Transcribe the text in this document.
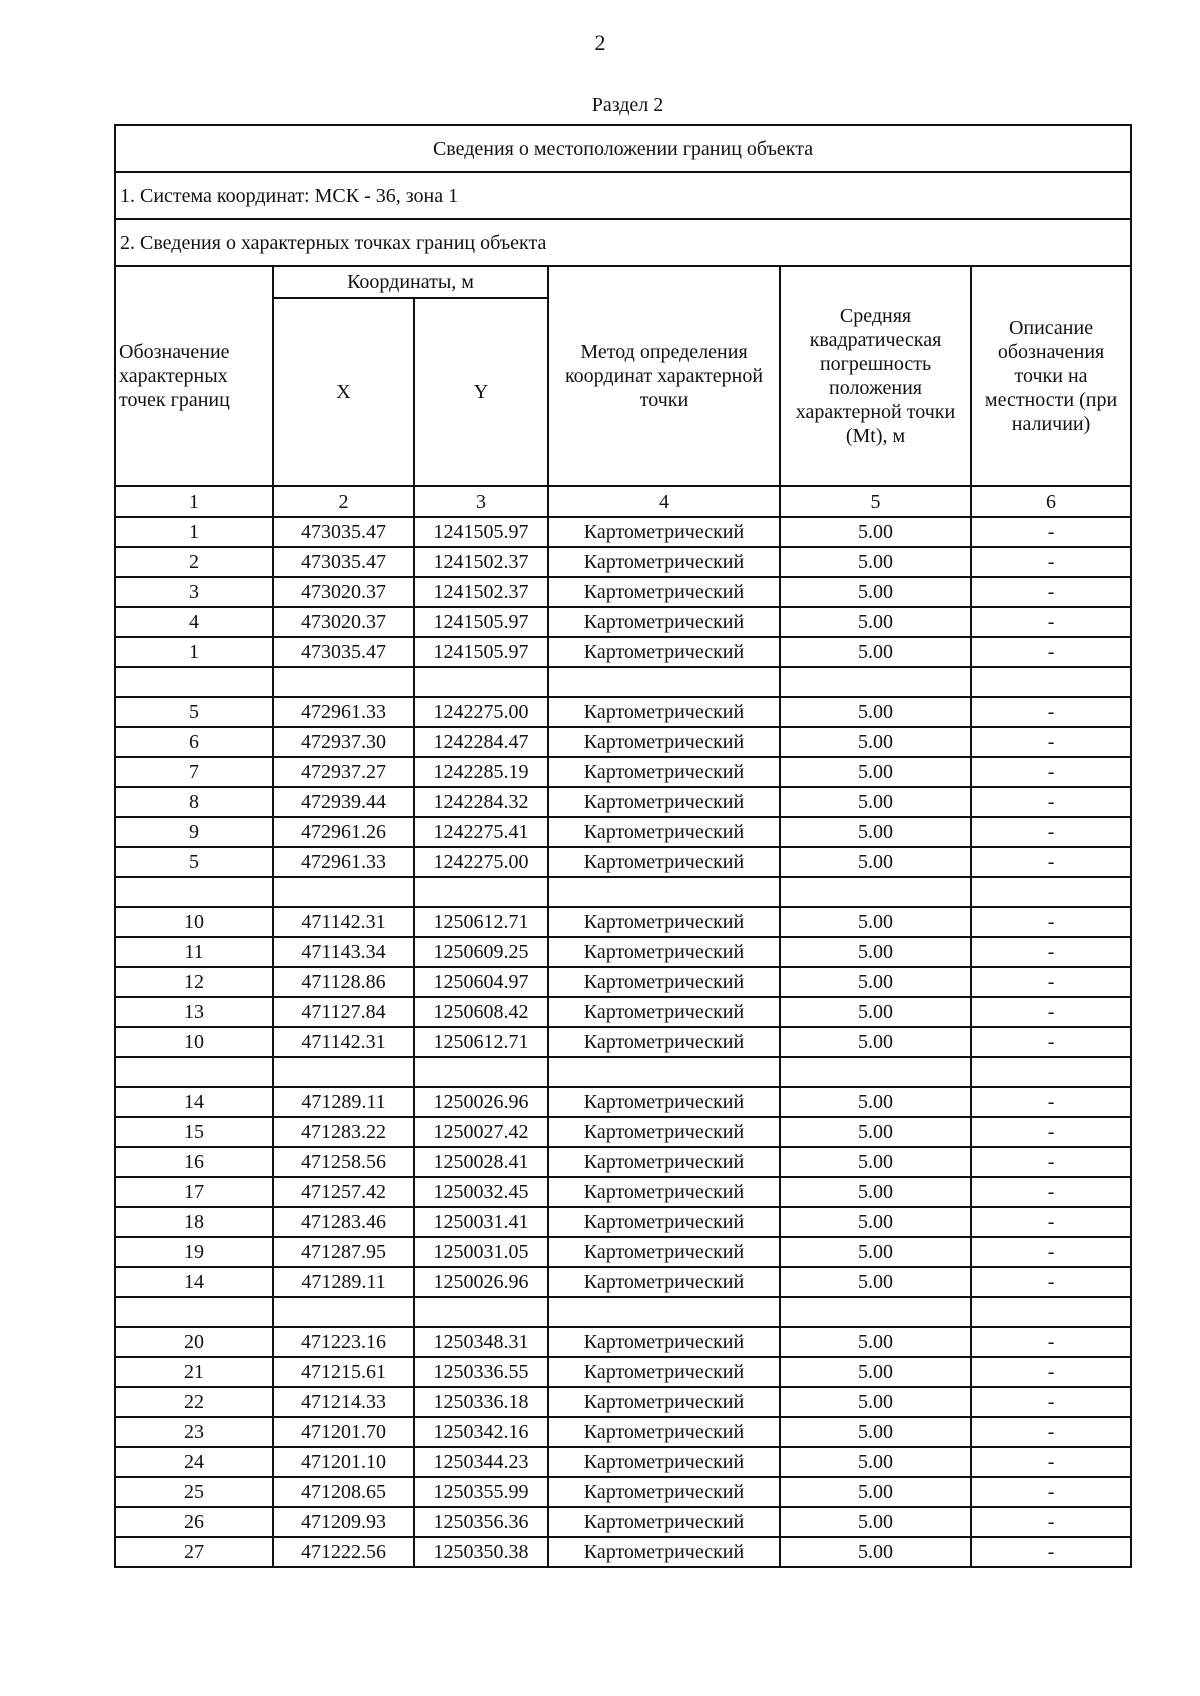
2
Раздел 2
Сведения о местоположении границ объекта					
1. Система координат: МСК - 36, зона 1					
2. Сведения о характерных точках границ объекта					
Обозначение характерных точек границ	Координаты, м		Метод определения координат характерной точки	Средняя квадратическая погрешность положения характерной точки (Mt), м	Описание обозначения точки на местности (при наличии)
	X	Y			
1	2	3	4	5	6
1	473035.47	1241505.97	Картометрический	5.00	-
2	473035.47	1241502.37	Картометрический	5.00	-
3	473020.37	1241502.37	Картометрический	5.00	-
4	473020.37	1241505.97	Картометрический	5.00	-
1	473035.47	1241505.97	Картометрический	5.00	-

5	472961.33	1242275.00	Картометрический	5.00	-
6	472937.30	1242284.47	Картометрический	5.00	-
7	472937.27	1242285.19	Картометрический	5.00	-
8	472939.44	1242284.32	Картометрический	5.00	-
9	472961.26	1242275.41	Картометрический	5.00	-
5	472961.33	1242275.00	Картометрический	5.00	-

10	471142.31	1250612.71	Картометрический	5.00	-
11	471143.34	1250609.25	Картометрический	5.00	-
12	471128.86	1250604.97	Картометрический	5.00	-
13	471127.84	1250608.42	Картометрический	5.00	-
10	471142.31	1250612.71	Картометрический	5.00	-

14	471289.11	1250026.96	Картометрический	5.00	-
15	471283.22	1250027.42	Картометрический	5.00	-
16	471258.56	1250028.41	Картометрический	5.00	-
17	471257.42	1250032.45	Картометрический	5.00	-
18	471283.46	1250031.41	Картометрический	5.00	-
19	471287.95	1250031.05	Картометрический	5.00	-
14	471289.11	1250026.96	Картометрический	5.00	-

20	471223.16	1250348.31	Картометрический	5.00	-
21	471215.61	1250336.55	Картометрический	5.00	-
22	471214.33	1250336.18	Картометрический	5.00	-
23	471201.70	1250342.16	Картометрический	5.00	-
24	471201.10	1250344.23	Картометрический	5.00	-
25	471208.65	1250355.99	Картометрический	5.00	-
26	471209.93	1250356.36	Картометрический	5.00	-
27	471222.56	1250350.38	Картометрический	5.00	-
